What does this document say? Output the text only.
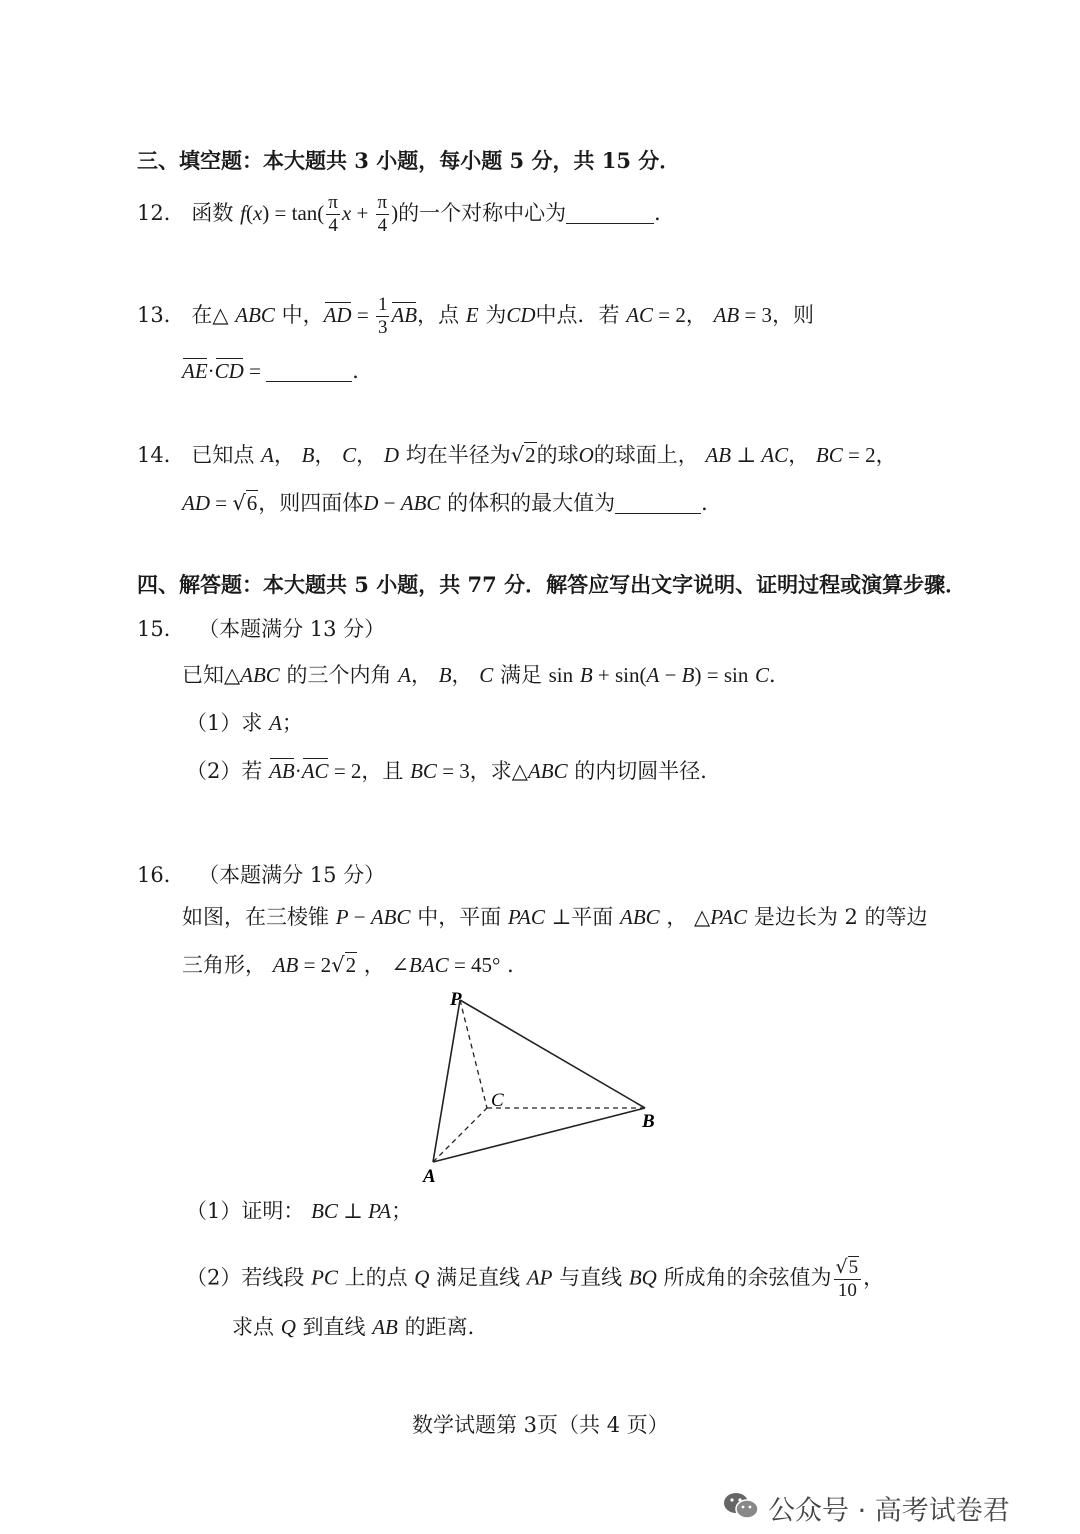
三、填空题：本大题共 3 小题，每小题 5 分，共 15 分．
12． 函数 $f(x) = \tan( \frac{\pi}{4}$ $x + \frac{\pi}{4}$ )的一个对称中心为	．
13． 在△ ABC 中，AD = $\frac{1}{3}$ AB，点 E 为CD中点．若 AC = 2， AB = 3，则
AE·CD =	．
14． 已知点 A， B， C， D 均在半径为√2的球O的球面上， AB ⊥ AC， BC = 2，
AD = √6，则四面体D − ABC 的体积的最大值为	．
四、解答题：本大题共 5 小题，共 77 分．解答应写出文字说明、证明过程或演算步骤．
15． （本题满分 13 分）
已知△ABC 的三个内角 A， B， C 满足 sin B + sin(A − B) = sin C．
（1）求 A；
（2）若 AB·AC = 2，且 BC = 3，求△ABC 的内切圆半径．
16． （本题满分 15 分）
如图，在三棱锥 P − ABC 中，平面 PAC ⊥平面 ABC ， △PAC 是边长为 2 的等边
三角形， AB = 2√2 ， ∠BAC = 45° ．
P
C
B
A
（1）证明： BC ⊥ PA；
（2）若线段 PC 上的点 Q 满足直线 AP 与直线 BQ 所成角的余弦值为 $\frac{√5}{10}$ ，
求点 Q 到直线 AB 的距离．
数学试题第 3页（共 4 页）
公众号 · 高考试卷君
